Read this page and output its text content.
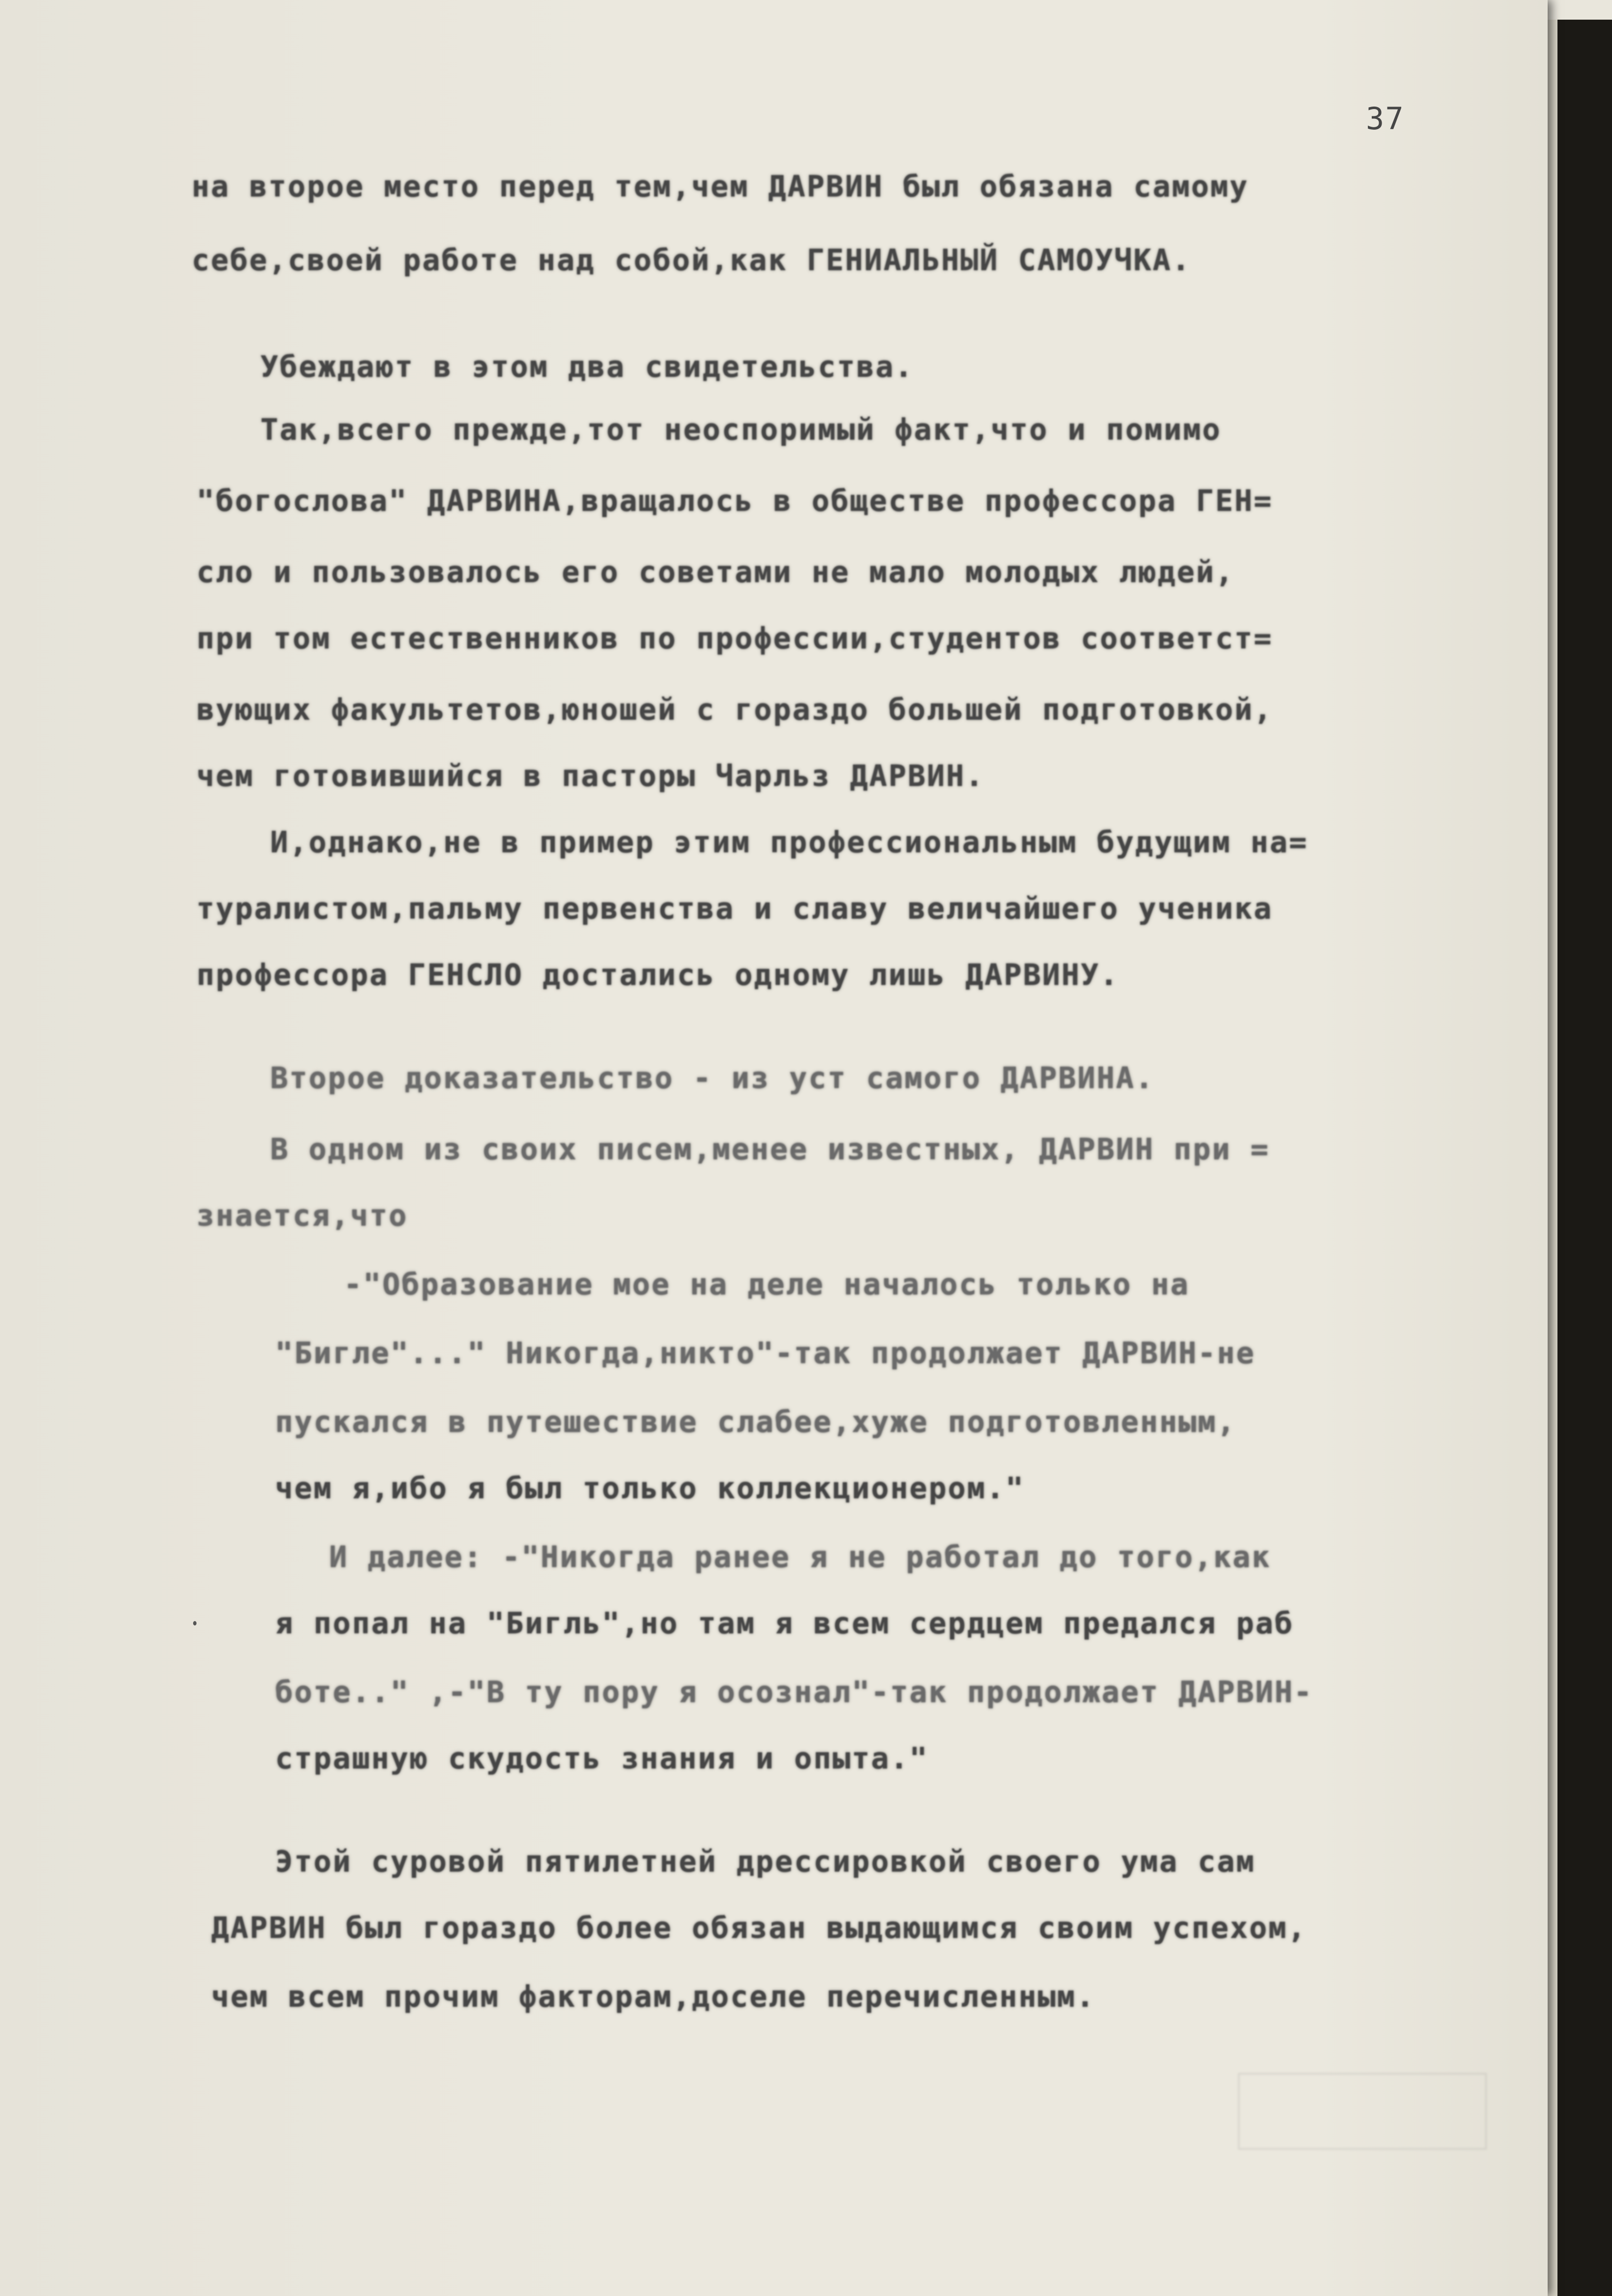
37
на второе место перед тем,чем ДАРВИН был обязана самому
себе,своей работе над собой,как ГЕНИАЛЬНЫЙ САМОУЧКА.
Убеждают в этом два свидетельства.
Так,всего прежде,тот неоспоримый факт,что и помимо
"богослова" ДАРВИНА,вращалось в обществе профессора ГЕН=
сло и пользовалось его советами не мало молодых людей,
при том естественников по профессии,студентов соответст=
вующих факультетов,юношей с гораздо большей подготовкой,
чем готовившийся в пасторы Чарльз ДАРВИН.
И,однако,не в пример этим профессиональным будущим на=
туралистом,пальму первенства и славу величайшего ученика
профессора ГЕНСЛО достались одному лишь ДАРВИНУ.
Второе доказательство - из уст самого ДАРВИНА.
В одном из своих писем,менее известных, ДАРВИН при =
знается,что
-"Образование мое на деле началось только на
"Бигле"..." Никогда,никто"-так продолжает ДАРВИН-не
пускался в путешествие слабее,хуже подготовленным,
чем я,ибо я был только коллекционером."
И далее: -"Никогда ранее я не работал до того,как
я попал на "Бигль",но там я всем сердцем предался раб
боте.." ,-"В ту пору я осознал"-так продолжает ДАРВИН-
страшную скудость знания и опыта."
Этой суровой пятилетней дрессировкой своего ума сам
ДАРВИН был гораздо более обязан выдающимся своим успехом,
чем всем прочим факторам,доселе перечисленным.
